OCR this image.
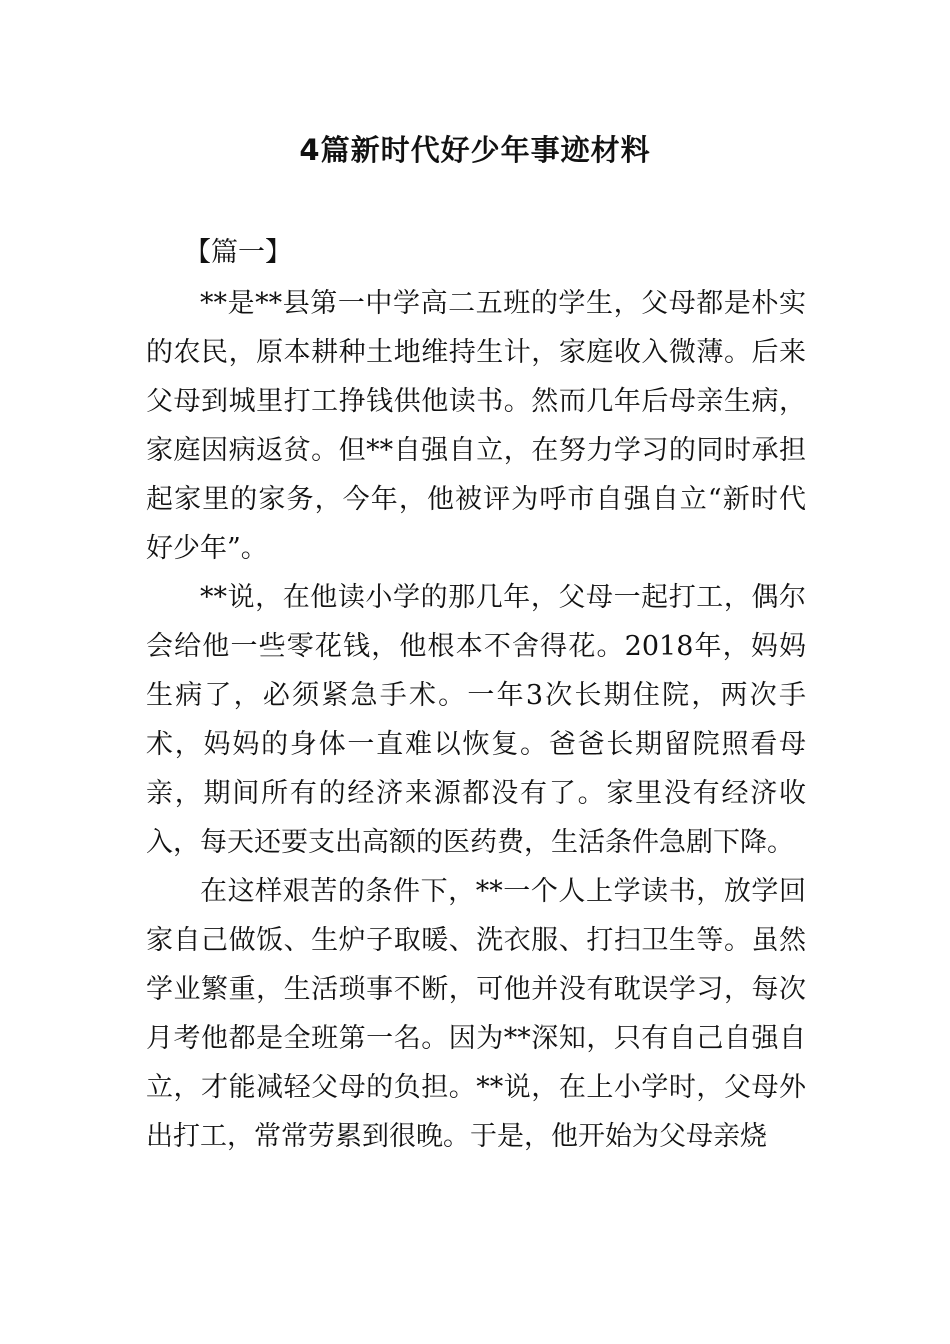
4篇新时代好少年事迹材料

【篇一】

**是**县第一中学高二五班的学生，父母都是朴实的农民，原本耕种土地维持生计，家庭收入微薄。后来父母到城里打工挣钱供他读书。然而几年后母亲生病，家庭因病返贫。但**自强自立，在努力学习的同时承担起家里的家务，今年，他被评为呼市自强自立“新时代好少年”。

**说，在他读小学的那几年，父母一起打工，偶尔会给他一些零花钱，他根本不舍得花。2018年，妈妈生病了，必须紧急手术。一年3次长期住院，两次手术，妈妈的身体一直难以恢复。爸爸长期留院照看母亲，期间所有的经济来源都没有了。家里没有经济收入，每天还要支出高额的医药费，生活条件急剧下降。

在这样艰苦的条件下，**一个人上学读书，放学回家自己做饭、生炉子取暖、洗衣服、打扫卫生等。虽然学业繁重，生活琐事不断，可他并没有耽误学习，每次月考他都是全班第一名。因为**深知，只有自己自强自立，才能减轻父母的负担。**说，在上小学时，父母外出打工，常常劳累到很晚。于是，他开始为父母亲烧
